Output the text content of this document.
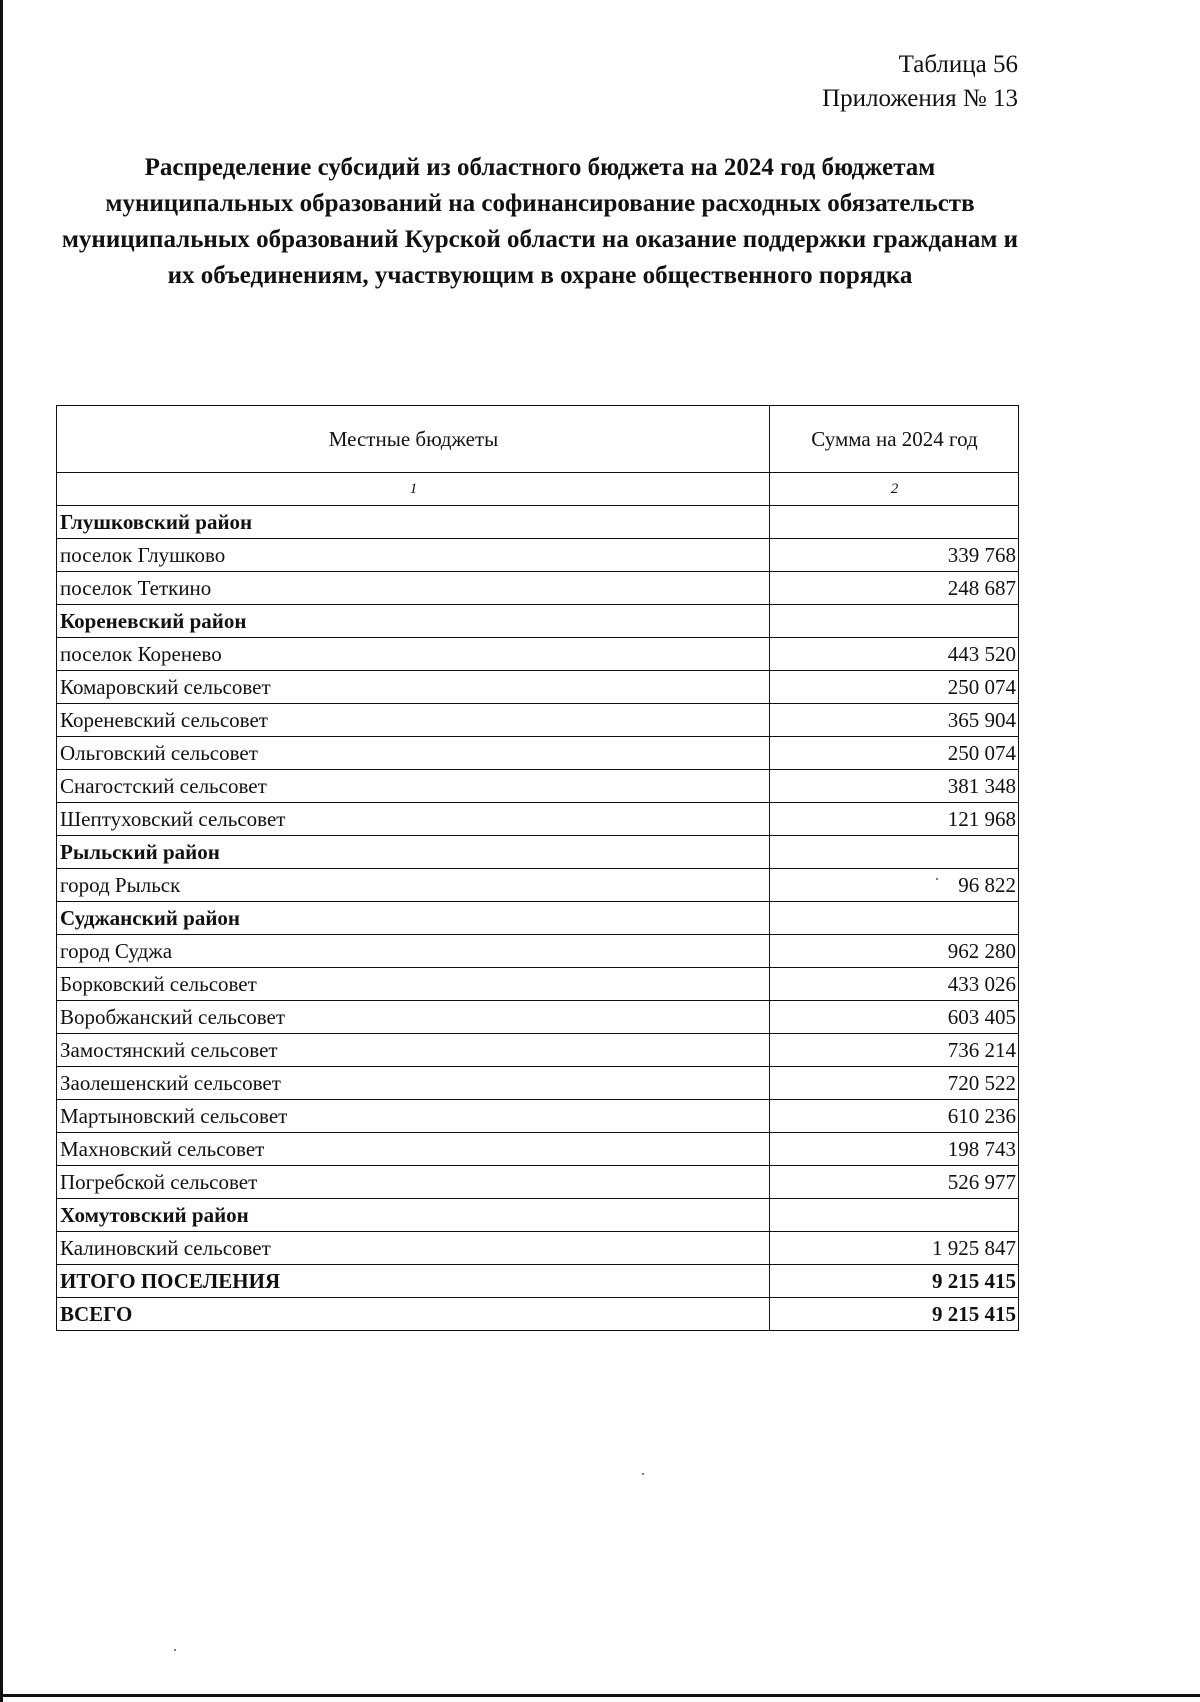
Таблица 56
Приложения № 13
Распределение субсидий из областного бюджета на 2024 год бюджетам муниципальных образований на софинансирование расходных обязательств муниципальных образований Курской области на оказание поддержки гражданам и их объединениям, участвующим в охране общественного порядка
Местные бюджеты	Сумма на 2024 год
1	2
Глушковский район	
поселок Глушково	339 768
поселок Теткино	248 687
Кореневский район	
поселок Коренево	443 520
Комаровский сельсовет	250 074
Кореневский сельсовет	365 904
Ольговский сельсовет	250 074
Снагостский сельсовет	381 348
Шептуховский сельсовет	121 968
Рыльский район	
город Рыльск	96 822
Суджанский район	
город Суджа	962 280
Борковский сельсовет	433 026
Воробжанский сельсовет	603 405
Замостянский сельсовет	736 214
Заолешенский сельсовет	720 522
Мартыновский сельсовет	610 236
Махновский сельсовет	198 743
Погребской сельсовет	526 977
Хомутовский район	
Калиновский сельсовет	1 925 847
ИТОГО ПОСЕЛЕНИЯ	9 215 415
ВСЕГО	9 215 415
